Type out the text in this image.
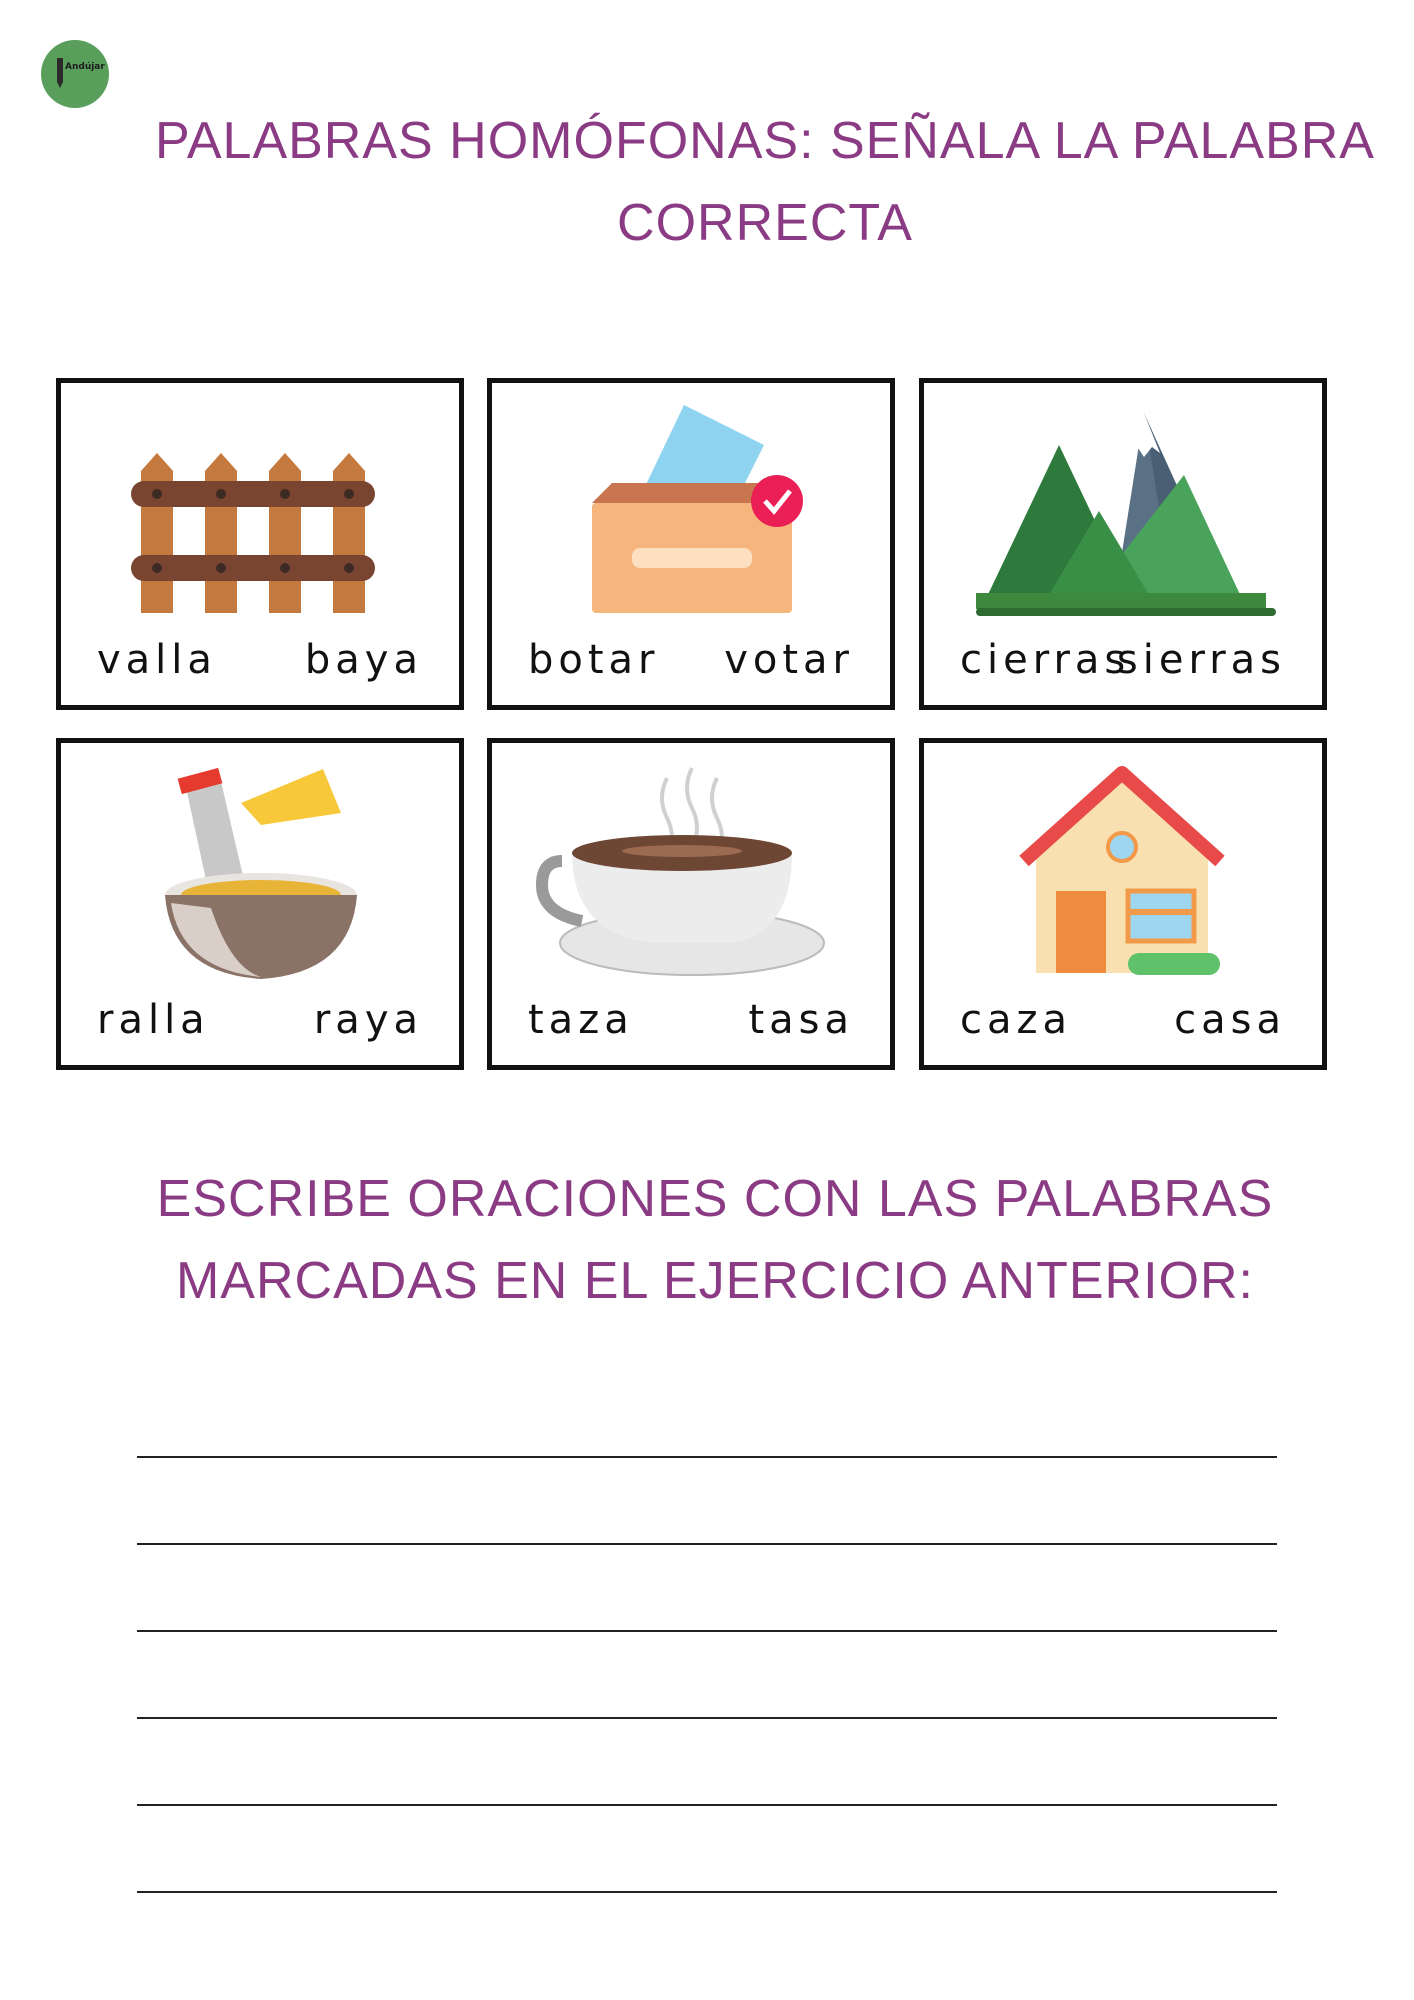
Andújar
PALABRAS HOMÓFONAS: SEÑALA LA PALABRA
CORRECTA
valla baya	botar votar	cierras
sierras
ralla	raya	taza	tasa	caza	casa
ESCRIBE ORACIONES CON LAS PALABRAS
MARCADAS EN EL EJERCICIO ANTERIOR:
